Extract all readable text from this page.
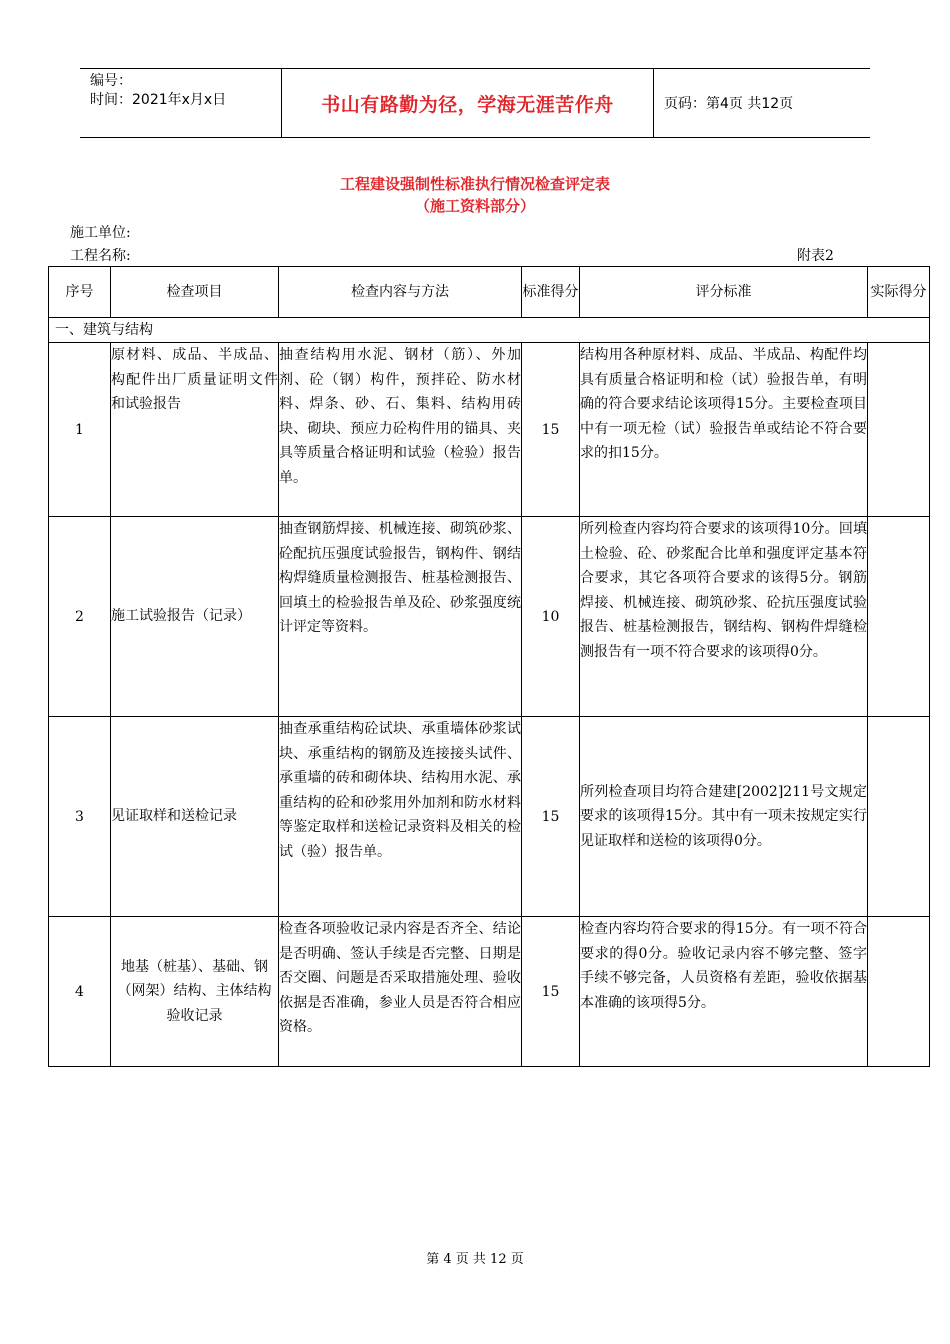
编号：
时间：2021年x月x日	书山有路勤为径，学海无涯苦作舟	页码：第4页 共12页
工程建设强制性标准执行情况检查评定表
（施工资料部分）
施工单位:
工程名称:	附表2
序号	检查项目	检查内容与方法	标准得分	评分标准	实际得分
一、建筑与结构					
1	原材料、成品、半成品、构配件出厂质量证明文件和试验报告	抽查结构用水泥、钢材（筋）、外加剂、砼（钢）构件，预拌砼、防水材料、焊条、砂、石、集料、结构用砖块、砌块、预应力砼构件用的锚具、夹具等质量合格证明和试验（检验）报告单。	15	结构用各种原材料、成品、半成品、构配件均具有质量合格证明和检（试）验报告单，有明确的符合要求结论该项得15分。主要检查项目中有一项无检（试）验报告单或结论不符合要求的扣15分。	
2	施工试验报告（记录）	抽查钢筋焊接、机械连接、砌筑砂浆、砼配抗压强度试验报告，钢构件、钢结构焊缝质量检测报告、桩基检测报告、回填土的检验报告单及砼、砂浆强度统计评定等资料。	10	所列检查内容均符合要求的该项得10分。回填土检验、砼、砂浆配合比单和强度评定基本符合要求，其它各项符合要求的该得5分。钢筋焊接、机械连接、砌筑砂浆、砼抗压强度试验报告、桩基检测报告，钢结构、钢构件焊缝检测报告有一项不符合要求的该项得0分。	
3	见证取样和送检记录	抽查承重结构砼试块、承重墙体砂浆试块、承重结构的钢筋及连接接头试件、承重墙的砖和砌体块、结构用水泥、承重结构的砼和砂浆用外加剂和防水材料等鉴定取样和送检记录资料及相关的检试（验）报告单。	15	所列检查项目均符合建建[2002]211号文规定要求的该项得15分。其中有一项未按规定实行见证取样和送检的该项得0分。	
4	地基（桩基）、基础、钢（网架）结构、主体结构验收记录	检查各项验收记录内容是否齐全、结论是否明确、签认手续是否完整、日期是否交圈、问题是否采取措施处理、验收依据是否准确，参业人员是否符合相应资格。	15	检查内容均符合要求的得15分。有一项不符合要求的得0分。验收记录内容不够完整、签字手续不够完备，人员资格有差距，验收依据基本准确的该项得5分。	
第 4 页 共 12 页
